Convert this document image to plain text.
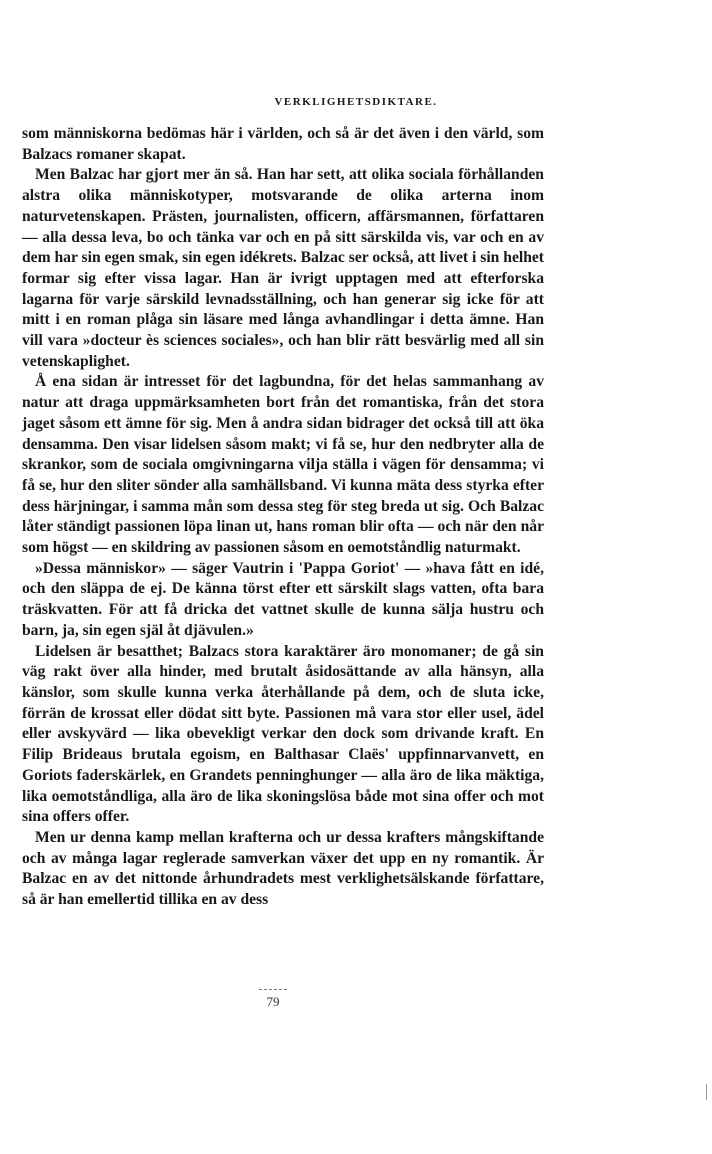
VERKLIGHETSDIKTARE.

som människorna bedömas här i världen, och så är det även i den värld, som Balzacs romaner skapat.

Men Balzac har gjort mer än så. Han har sett, att olika sociala förhållanden alstra olika människotyper, motsvarande de olika arterna inom naturvetenskapen. Prästen, journalisten, officern, affärsmannen, författaren — alla dessa leva, bo och tänka var och en på sitt särskilda vis, var och en av dem har sin egen smak, sin egen idékrets. Balzac ser också, att livet i sin helhet formar sig efter vissa lagar. Han är ivrigt upptagen med att efterforska lagarna för varje särskild levnadsställning, och han generar sig icke för att mitt i en roman plåga sin läsare med långa avhandlingar i detta ämne. Han vill vara »docteur ès sciences sociales», och han blir rätt besvärlig med all sin vetenskaplighet.

Å ena sidan är intresset för det lagbundna, för det helas sammanhang av natur att draga uppmärksamheten bort från det romantiska, från det stora jaget såsom ett ämne för sig. Men å andra sidan bidrager det också till att öka densamma. Den visar lidelsen såsom makt; vi få se, hur den nedbryter alla de skrankor, som de sociala omgivningarna vilja ställa i vägen för densamma; vi få se, hur den sliter sönder alla samhällsband. Vi kunna mäta dess styrka efter dess härjningar, i samma mån som dessa steg för steg breda ut sig. Och Balzac låter ständigt passionen löpa linan ut, hans roman blir ofta — och när den når som högst — en skildring av passionen såsom en oemotståndlig naturmakt.

»Dessa människor» — säger Vautrin i 'Pappa Goriot' — »hava fått en idé, och den släppa de ej. De känna törst efter ett särskilt slags vatten, ofta bara träskvatten. För att få dricka det vattnet skulle de kunna sälja hustru och barn, ja, sin egen själ åt djävulen.»

Lidelsen är besatthet; Balzacs stora karaktärer äro monomaner; de gå sin väg rakt över alla hinder, med brutalt åsidosättande av alla hänsyn, alla känslor, som skulle kunna verka återhållande på dem, och de sluta icke, förrän de krossat eller dödat sitt byte. Passionen må vara stor eller usel, ädel eller avskyvärd — lika obevekligt verkar den dock som drivande kraft. En Filip Brideaus brutala egoism, en Balthasar Claës' uppfinnarvanvett, en Goriots faderskärlek, en Grandets penninghunger — alla äro de lika mäktiga, lika oemotståndliga, alla äro de lika skoningslösa både mot sina offer och mot sina offers offer.

Men ur denna kamp mellan krafterna och ur dessa krafters mångskiftande och av många lagar reglerade samverkan växer det upp en ny romantik. Är Balzac en av det nittonde århundradets mest verklighetsälskande författare, så är han emellertid tillika en av dess

79
